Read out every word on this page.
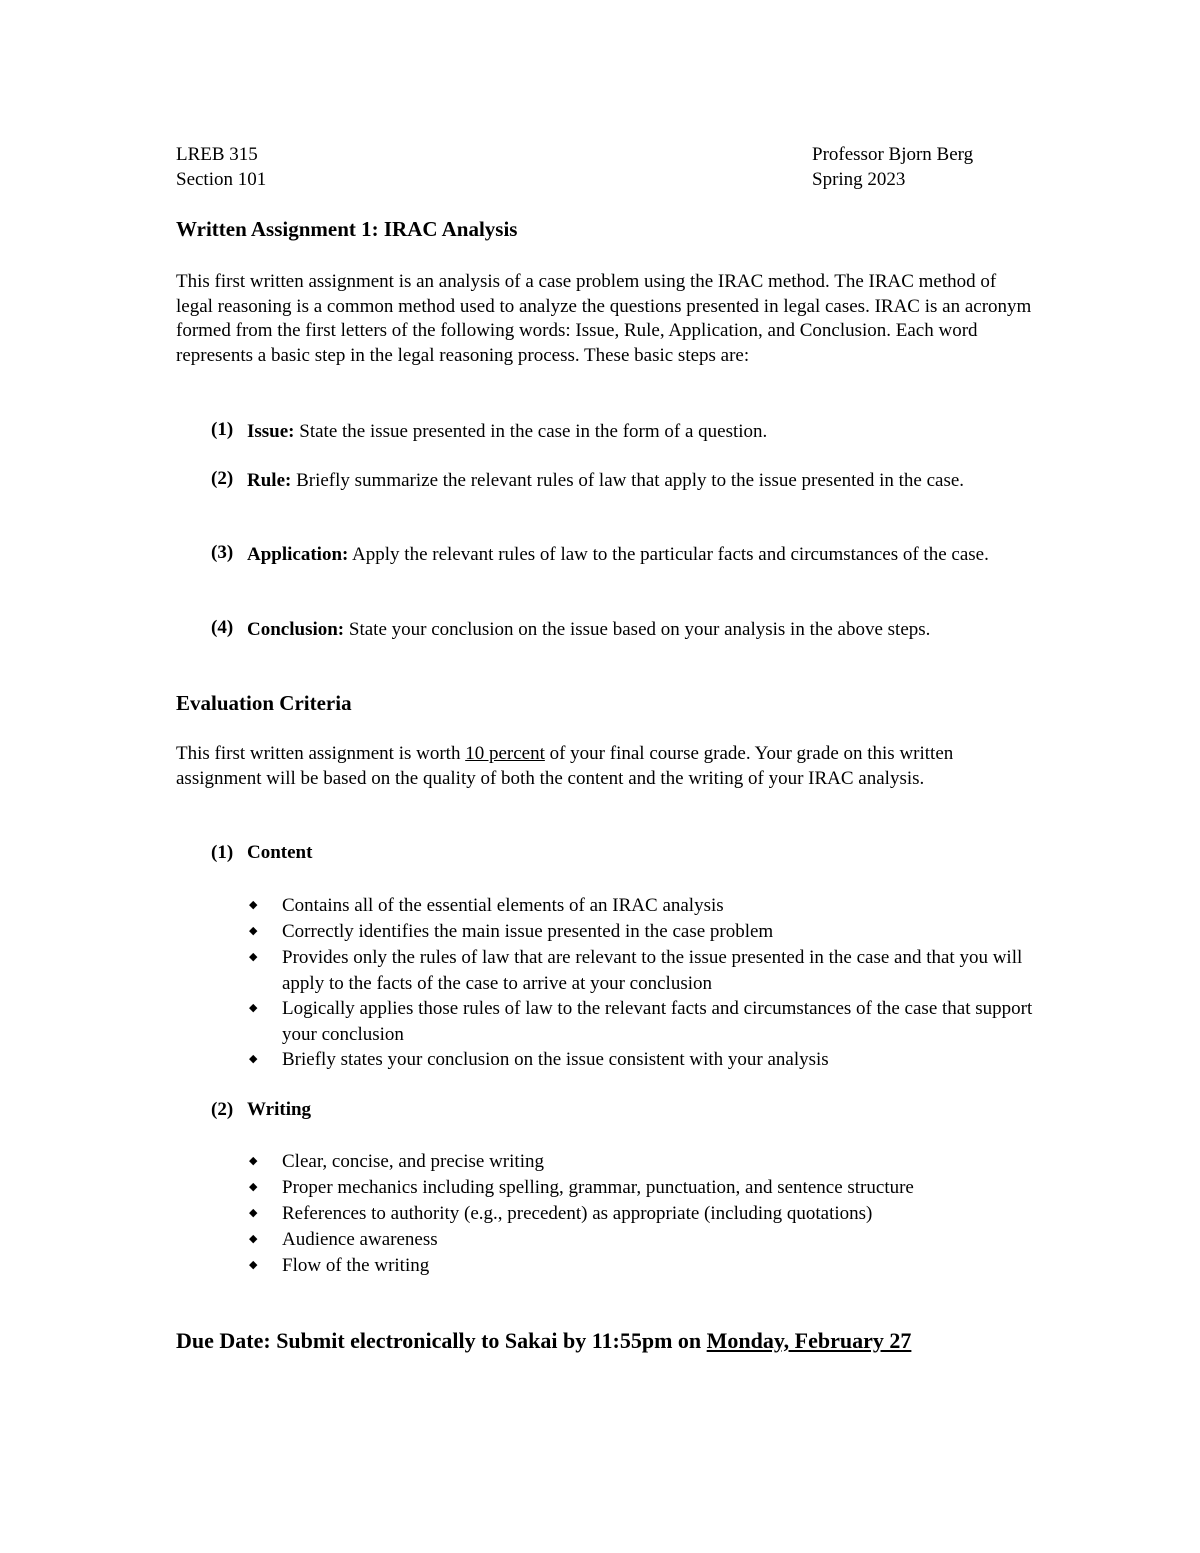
LREB 315
Section 101
Professor Bjorn Berg
Spring 2023
Written Assignment 1: IRAC Analysis
This first written assignment is an analysis of a case problem using the IRAC method. The IRAC method of legal reasoning is a common method used to analyze the questions presented in legal cases. IRAC is an acronym formed from the first letters of the following words: Issue, Rule, Application, and Conclusion. Each word represents a basic step in the legal reasoning process. These basic steps are:
(1) Issue: State the issue presented in the case in the form of a question.
(2) Rule: Briefly summarize the relevant rules of law that apply to the issue presented in the case.
(3) Application: Apply the relevant rules of law to the particular facts and circumstances of the case.
(4) Conclusion: State your conclusion on the issue based on your analysis in the above steps.
Evaluation Criteria
This first written assignment is worth 10 percent of your final course grade. Your grade on this written assignment will be based on the quality of both the content and the writing of your IRAC analysis.
(1) Content
◆ Contains all of the essential elements of an IRAC analysis
◆ Correctly identifies the main issue presented in the case problem
◆ Provides only the rules of law that are relevant to the issue presented in the case and that you will apply to the facts of the case to arrive at your conclusion
◆ Logically applies those rules of law to the relevant facts and circumstances of the case that support your conclusion
◆ Briefly states your conclusion on the issue consistent with your analysis
(2) Writing
◆ Clear, concise, and precise writing
◆ Proper mechanics including spelling, grammar, punctuation, and sentence structure
◆ References to authority (e.g., precedent) as appropriate (including quotations)
◆ Audience awareness
◆ Flow of the writing
Due Date: Submit electronically to Sakai by 11:55pm on Monday, February 27
